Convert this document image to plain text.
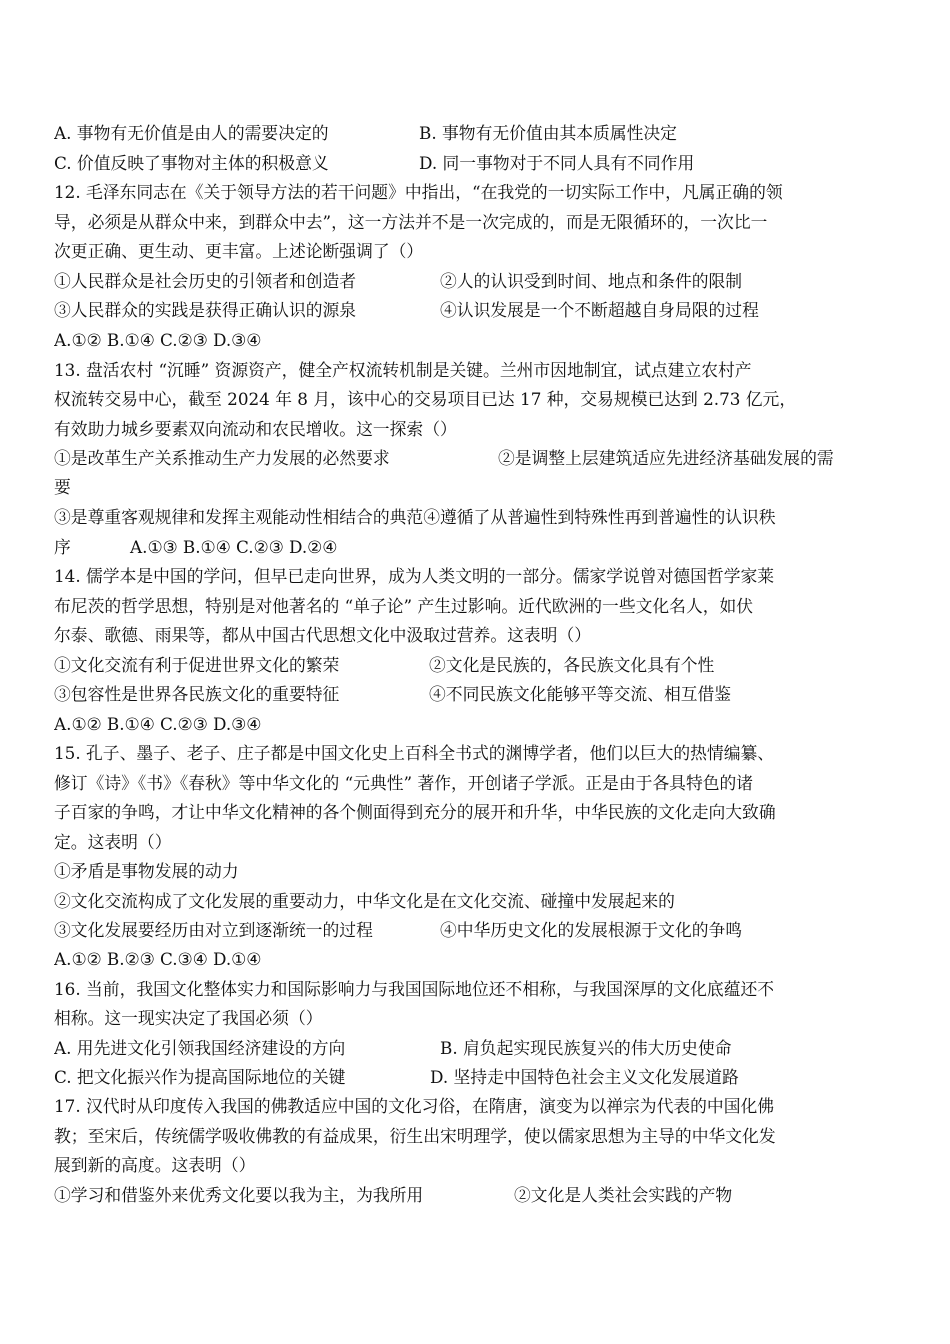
A. 事物有无价值是由人的需要决定的	B. 事物有无价值由其本质属性决定
C. 价值反映了事物对主体的积极意义	D. 同一事物对于不同人具有不同作用
12. 毛泽东同志在《关于领导方法的若干问题》中指出，“在我党的一切实际工作中，凡属正确的领
导，必须是从群众中来，到群众中去”，这一方法并不是一次完成的，而是无限循环的，一次比一
次更正确、更生动、更丰富。上述论断强调了（）
①人民群众是社会历史的引领者和创造者	②人的认识受到时间、地点和条件的限制
③人民群众的实践是获得正确认识的源泉	④认识发展是一个不断超越自身局限的过程
A.①② B.①④ C.②③ D.③④
13. 盘活农村 “沉睡” 资源资产，健全产权流转机制是关键。兰州市因地制宜，试点建立农村产
权流转交易中心，截至 2024 年 8 月，该中心的交易项目已达 17 种，交易规模已达到 2.73 亿元，
有效助力城乡要素双向流动和农民增收。这一探索（）
①是改革生产关系推动生产力发展的必然要求	②是调整上层建筑适应先进经济基础发展的需
要
③是尊重客观规律和发挥主观能动性相结合的典范④遵循了从普遍性到特殊性再到普遍性的认识秩
序	A.①③ B.①④ C.②③ D.②④
14. 儒学本是中国的学问，但早已走向世界，成为人类文明的一部分。儒家学说曾对德国哲学家莱
布尼茨的哲学思想，特别是对他著名的 “单子论” 产生过影响。近代欧洲的一些文化名人，如伏
尔泰、歌德、雨果等，都从中国古代思想文化中汲取过营养。这表明（）
①文化交流有利于促进世界文化的繁荣	②文化是民族的，各民族文化具有个性
③包容性是世界各民族文化的重要特征	④不同民族文化能够平等交流、相互借鉴
A.①② B.①④ C.②③ D.③④
15. 孔子、墨子、老子、庄子都是中国文化史上百科全书式的渊博学者，他们以巨大的热情编纂、
修订《诗》《书》《春秋》等中华文化的 “元典性” 著作，开创诸子学派。正是由于各具特色的诸
子百家的争鸣，才让中华文化精神的各个侧面得到充分的展开和升华，中华民族的文化走向大致确
定。这表明（）
①矛盾是事物发展的动力
②文化交流构成了文化发展的重要动力，中华文化是在文化交流、碰撞中发展起来的
③文化发展要经历由对立到逐渐统一的过程	④中华历史文化的发展根源于文化的争鸣
A.①② B.②③ C.③④ D.①④
16. 当前，我国文化整体实力和国际影响力与我国国际地位还不相称，与我国深厚的文化底蕴还不
相称。这一现实决定了我国必须（）
A. 用先进文化引领我国经济建设的方向	B. 肩负起实现民族复兴的伟大历史使命
C. 把文化振兴作为提高国际地位的关键	D. 坚持走中国特色社会主义文化发展道路
17. 汉代时从印度传入我国的佛教适应中国的文化习俗，在隋唐，演变为以禅宗为代表的中国化佛
教；至宋后，传统儒学吸收佛教的有益成果，衍生出宋明理学，使以儒家思想为主导的中华文化发
展到新的高度。这表明（）
①学习和借鉴外来优秀文化要以我为主，为我所用	②文化是人类社会实践的产物
